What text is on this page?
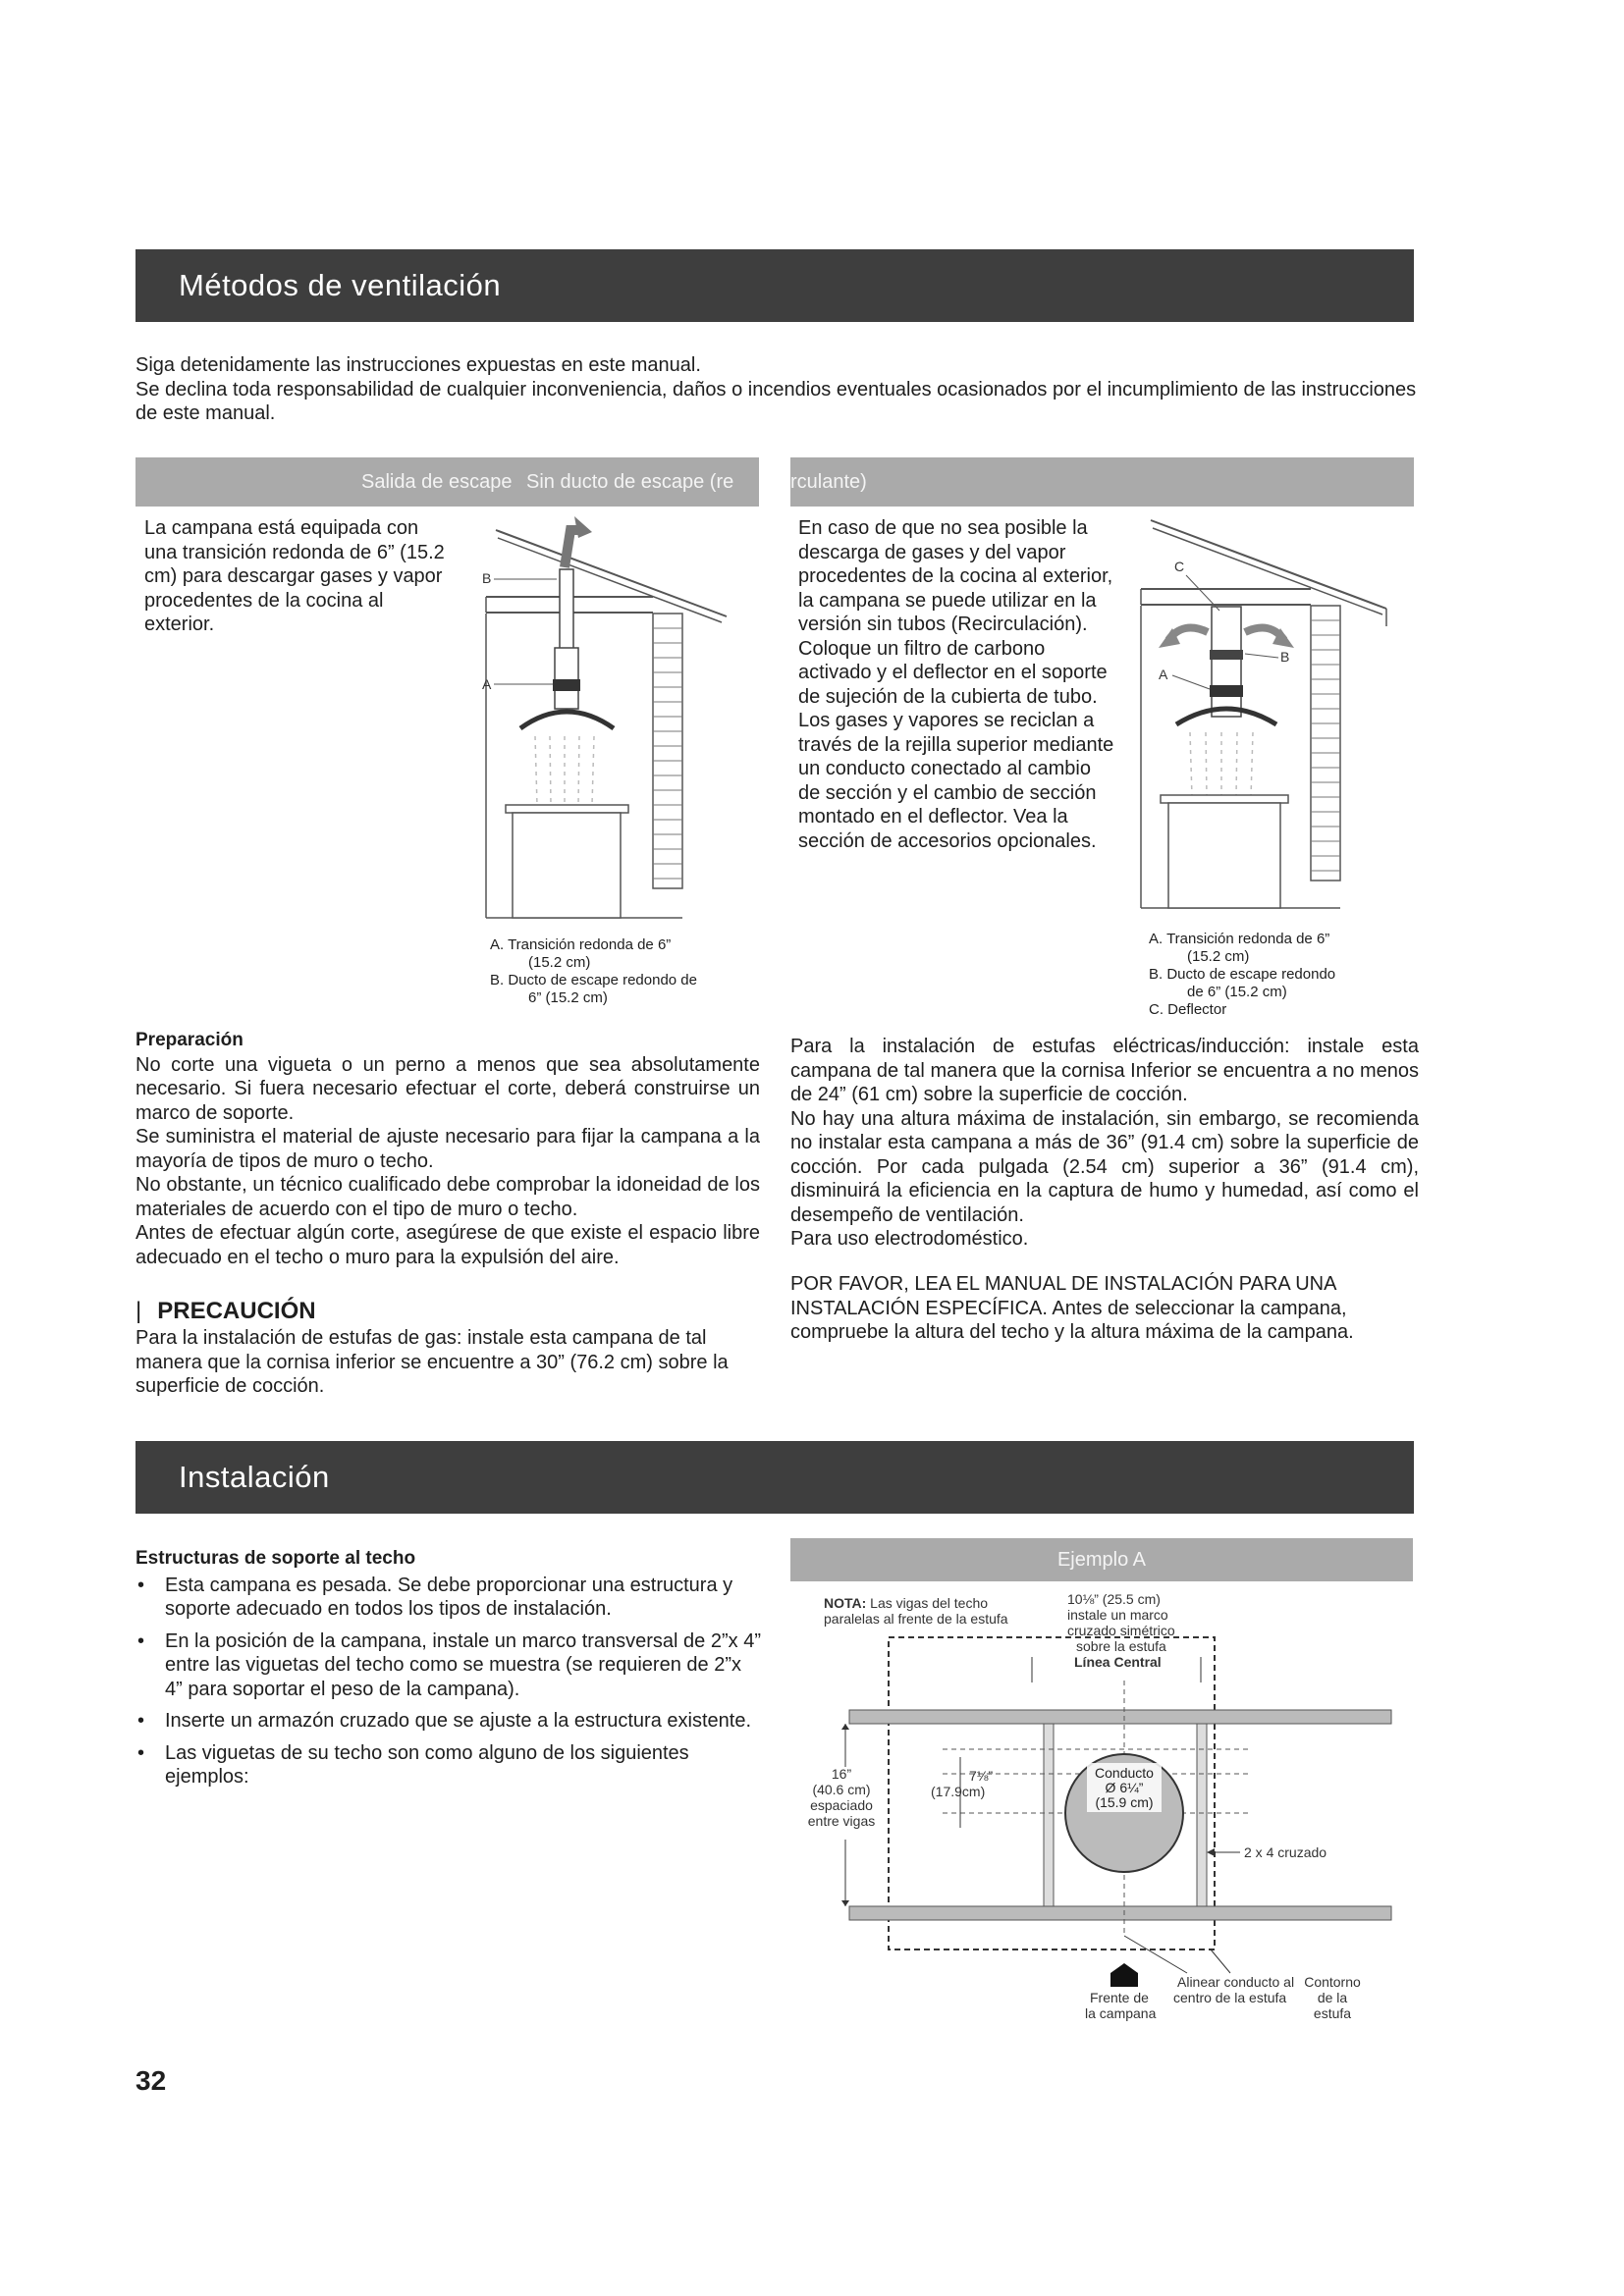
Métodos de ventilación
Siga detenidamente las instrucciones expuestas en este manual.
Se declina toda responsabilidad de cualquier inconveniencia, daños o incendios eventuales ocasionados por el incumplimiento de las instrucciones de este manual.
Salida de escape Sin ducto de escape (re	rculante)
La campana está equipada con una transición redonda de 6” (15.2 cm) para descargar gases y vapor procedentes de la cocina al exterior.
B
A
A. Transición redonda de 6”
(15.2 cm)
B. Ducto de escape redondo de
6” (15.2 cm)
En caso de que no sea posible la descarga de gases y del vapor procedentes de la cocina al exterior, la campana se puede utilizar en la versión sin tubos (Recirculación). Coloque un filtro de carbono activado y el deflector en el soporte de sujeción de la cubierta de tubo. Los gases y vapores se reciclan a través de la rejilla superior mediante un conducto conectado al cambio de sección y el cambio de sección montado en el deflector. Vea la sección de accesorios opcionales.
C
B
A
A. Transición redonda de 6”
(15.2 cm)
B. Ducto de escape redondo
de 6” (15.2 cm)
C. Deflector
Preparación
No corte una vigueta o un perno a menos que sea absolutamente necesario. Si fuera necesario efectuar el corte, deberá construirse un marco de soporte.
Se suministra el material de ajuste necesario para fijar la campana a la mayoría de tipos de muro o techo.
No obstante, un técnico cualificado debe comprobar la idoneidad de los materiales de acuerdo con el tipo de muro o techo.
Antes de efectuar algún corte, asegúrese de que existe el espacio libre adecuado en el techo o muro para la expulsión del aire.
| PRECAUCIÓN
Para la instalación de estufas de gas: instale esta campana de tal manera que la cornisa inferior se encuentre a 30” (76.2 cm) sobre la superficie de cocción.
Para la instalación de estufas eléctricas/inducción: instale esta campana de tal manera que la cornisa Inferior se encuentra a no menos de 24” (61 cm) sobre la superficie de cocción.
No hay una altura máxima de instalación, sin embargo, se recomienda no instalar esta campana a más de 36” (91.4 cm) sobre la superficie de cocción. Por cada pulgada (2.54 cm) superior a 36” (91.4 cm), disminuirá la eficiencia en la captura de humo y humedad, así como el desempeño de ventilación.
Para uso electrodoméstico.
POR FAVOR, LEA EL MANUAL DE INSTALACIÓN PARA UNA INSTALACIÓN ESPECÍFICA. Antes de seleccionar la campana, compruebe la altura del techo y la altura máxima de la campana.
Instalación
Estructuras de soporte al techo
• Esta campana es pesada. Se debe proporcionar una estructura y soporte adecuado en todos los tipos de instalación.
• En la posición de la campana, instale un marco transversal de 2”x 4” entre las viguetas del techo como se muestra (se requieren de 2”x 4” para soportar el peso de la campana).
• Inserte un armazón cruzado que se ajuste a la estructura existente.
• Las viguetas de su techo son como alguno de los siguientes ejemplos:
Ejemplo A
NOTA: Las vigas del techo
paralelas al frente de la estufa
10⅛” (25.5 cm)
instale un marco
cruzado simétrico
sobre la estufa
Línea Central
Conducto
Ø 6¼”
(15.9 cm)
16”
(40.6 cm)
espaciado
entre vigas
7⅛”
(17.9cm)
2 x 4 cruzado
Frente de
la campana
Alinear conducto al
centro de la estufa
Contorno
de la
estufa
32
